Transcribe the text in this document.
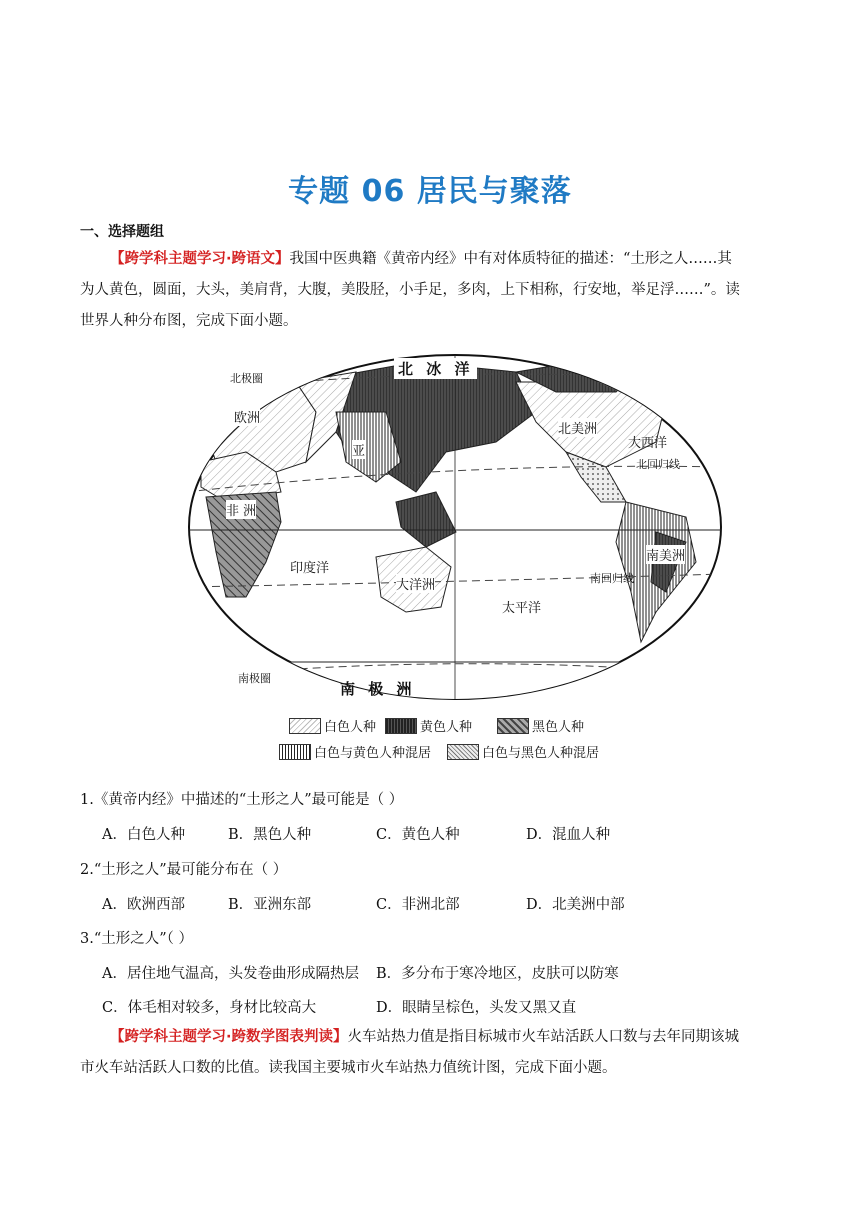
专题 06 居民与聚落
一、选择题组
【跨学科主题学习·跨语文】我国中医典籍《黄帝内经》中有对体质特征的描述：“土形之人……其
为人黄色，圆面，大头，美肩背，大腹，美股胫，小手足，多肉，上下相称，行安地，举足浮……”。读
世界人种分布图，完成下面小题。
北 冰 洋
北极圈
欧洲
亚
北美洲
大西洋
北回归线
非 洲
印度洋
大洋洲
南美洲
南回归线
太平洋
南极圈
南 极 洲
白色人种	黄色人种	黑色人种
白色与黄色人种混居	白色与黑色人种混居
1.《黄帝内经》中描述的“土形之人”最可能是（ ）
A．白色人种	B．黑色人种	C．黄色人种	D．混血人种
2.“土形之人”最可能分布在（ ）
A．欧洲西部	B．亚洲东部	C．非洲北部	D．北美洲中部
3.“土形之人”（ ）
A．居住地气温高，头发卷曲形成隔热层 B．多分布于寒冷地区，皮肤可以防寒
C．体毛相对较多，身材比较高大	D．眼睛呈棕色，头发又黑又直
【跨学科主题学习·跨数学图表判读】火车站热力值是指目标城市火车站活跃人口数与去年同期该城
市火车站活跃人口数的比值。读我国主要城市火车站热力值统计图，完成下面小题。
